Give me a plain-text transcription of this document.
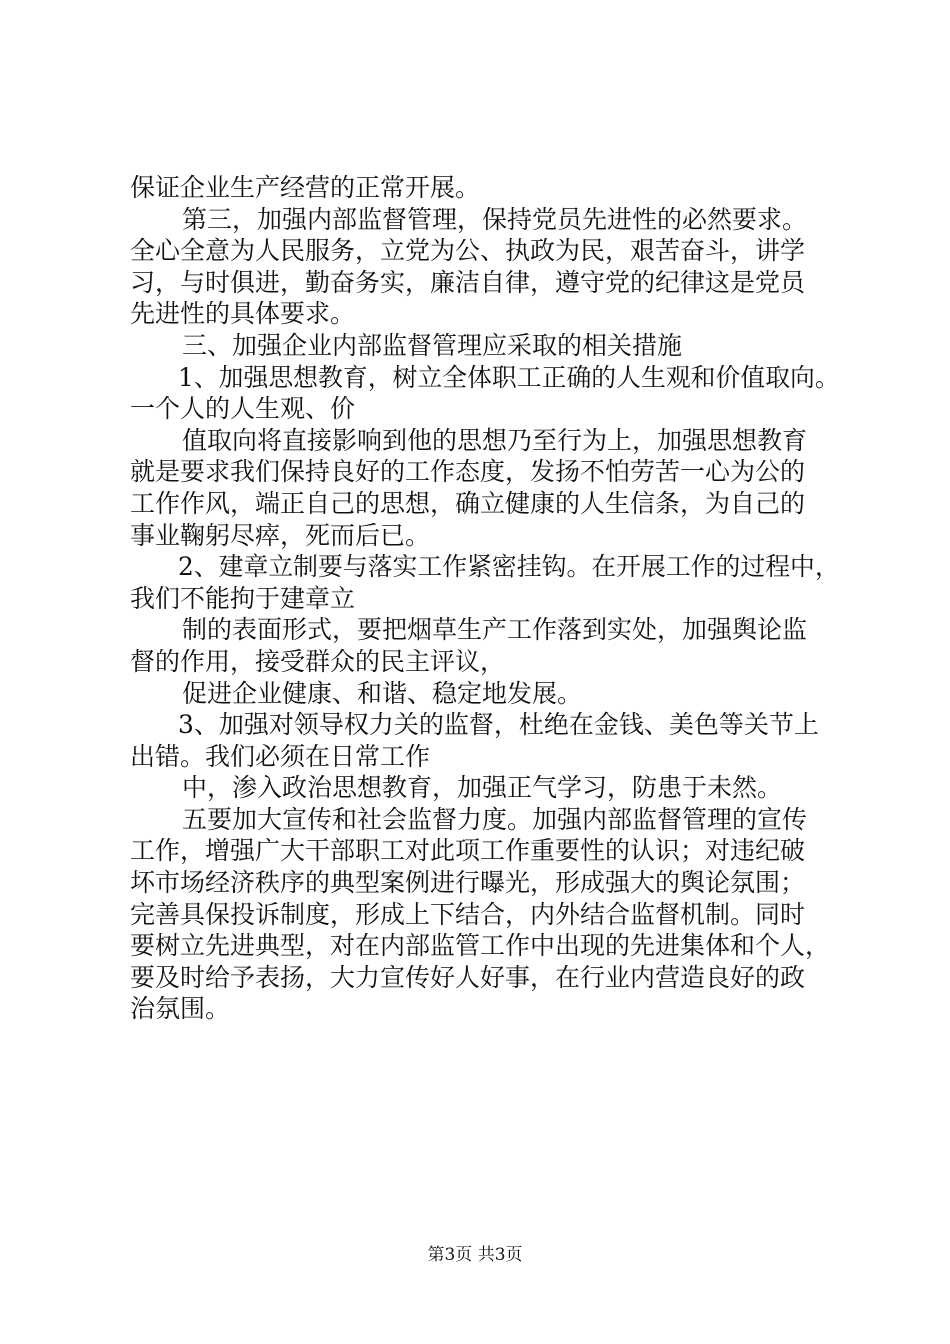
保证企业生产经营的正常开展。
第三，加强内部监督管理，保持党员先进性的必然要求。
全心全意为人民服务，立党为公、执政为民，艰苦奋斗，讲学
习，与时俱进，勤奋务实，廉洁自律，遵守党的纪律这是党员
先进性的具体要求。
三、加强企业内部监督管理应采取的相关措施
1、加强思想教育，树立全体职工正确的人生观和价值取向。
一个人的人生观、价
值取向将直接影响到他的思想乃至行为上，加强思想教育
就是要求我们保持良好的工作态度，发扬不怕劳苦一心为公的
工作作风，端正自己的思想，确立健康的人生信条，为自己的
事业鞠躬尽瘁，死而后已。
2、建章立制要与落实工作紧密挂钩。在开展工作的过程中，
我们不能拘于建章立
制的表面形式，要把烟草生产工作落到实处，加强舆论监
督的作用，接受群众的民主评议，
促进企业健康、和谐、稳定地发展。
3、加强对领导权力关的监督，杜绝在金钱、美色等关节上
出错。我们必须在日常工作
中，渗入政治思想教育，加强正气学习，防患于未然。
五要加大宣传和社会监督力度。加强内部监督管理的宣传
工作，增强广大干部职工对此项工作重要性的认识；对违纪破
坏市场经济秩序的典型案例进行曝光，形成强大的舆论氛围；
完善具保投诉制度，形成上下结合，内外结合监督机制。同时
要树立先进典型，对在内部监管工作中出现的先进集体和个人，
要及时给予表扬，大力宣传好人好事，在行业内营造良好的政
治氛围。
第3页 共3页
